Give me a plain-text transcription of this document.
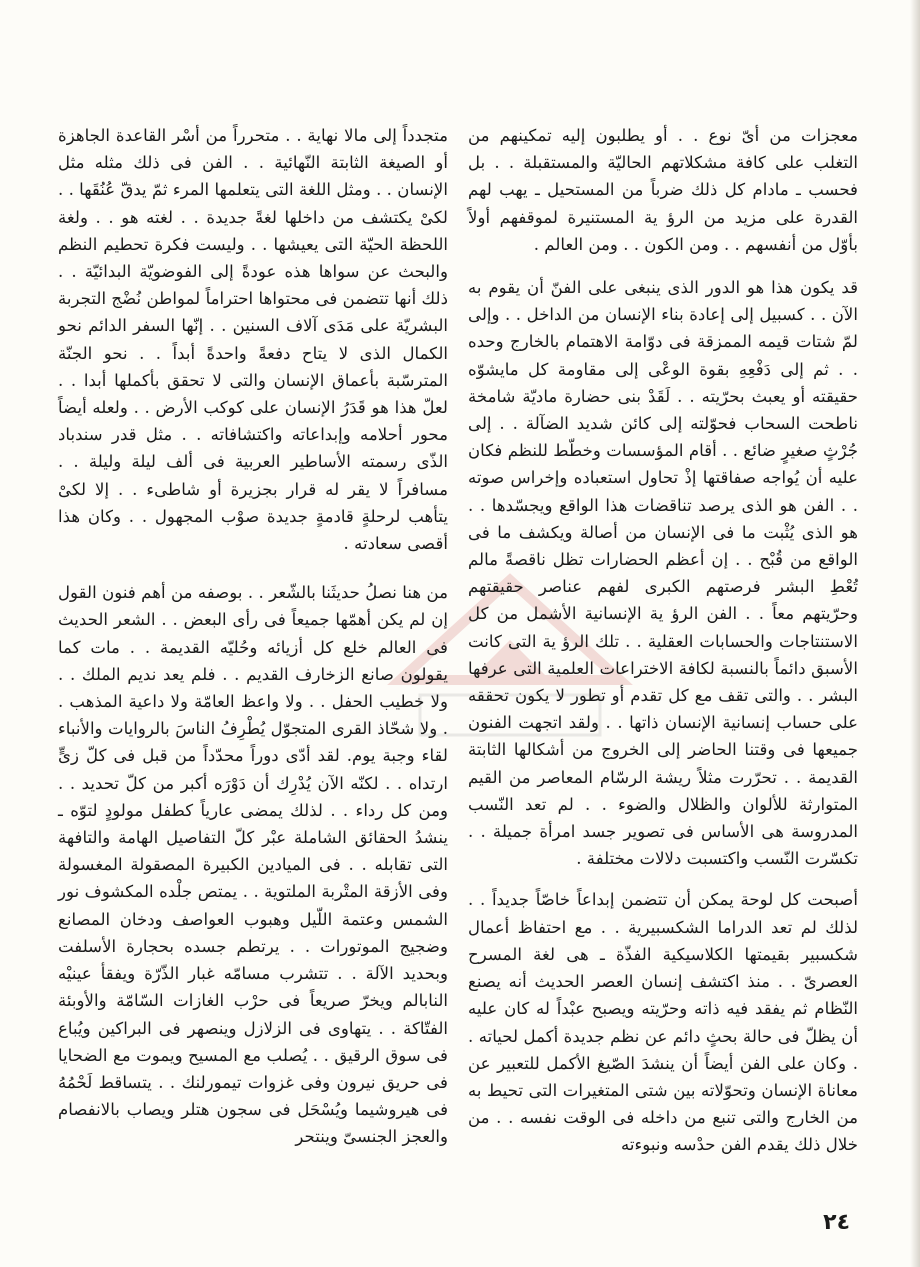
معجزات من أىّ نوع . . أو يطلبون إليه تمكينهم من التغلب على كافة مشكلاتهم الحاليّة والمستقبلة . . بل فحسب ـ مادام كل ذلك ضرباً من المستحيل ـ يهب لهم القدرة على مزيد من الرؤ ية المستنيرة لموقفهم أولاً بأوّل من أنفسهم . . ومن الكون . . ومن العالم .

قد يكون هذا هو الدور الذى ينبغى على الفنّ أن يقوم به الآن . . كسبيل إلى إعادة بناء الإنسان من الداخل . . وإلى لمّ شتات قيمه الممزقة فى دوّامة الاهتمام بالخارج وحده . . ثم إلى دَفْعِهِ بقوة الوعْى إلى مقاومة كل مايشوّه حقيقته أو يعبث بحرّيته . . لَقَدْ بنى حضارة ماديّة شامخة ناطحت السحاب فحوّلته إلى كائن شديد الضآلة . . إلى جُرْثٍ صغيرٍ ضائع . . أقام المؤسسات وخطّط للنظم فكان عليه أن يُواجه صفاقتها إذْ تحاول استعباده وإخراس صوته . . الفن هو الذى يرصد تناقضات هذا الواقع ويجسّدها . . هو الذى يُثْبت ما فى الإنسان من أصالة ويكشف ما فى الواقع من قُبْح . . إن أعظم الحضارات تظل ناقصةً مالم تُعْطِ البشر فرصتهم الكبرى لفهم عناصر حقيقتهم وحرّيتهم معاً . . الفن الرؤ ية الإنسانية الأشمل من كل الاستنتاجات والحسابات العقلية . . تلك الرؤ ية التى كانت الأسبق دائماً بالنسبة لكافة الاختراعات العلمية التى عرفها البشر . . والتى تقف مع كل تقدم أو تطور لا يكون تحققه على حساب إنسانية الإنسان ذاتها . . ولقد اتجهت الفنون جميعها فى وقتنا الحاضر إلى الخروج من أشكالها الثابتة القديمة . . تحرّرت مثلاً ريشة الرسّام المعاصر من القيم المتوارثة للألوان والظلال والضوء . . لم تعد النّسب المدروسة هى الأساس فى تصوير جسد امرأة جميلة . . تكسّرت النّسب واكتسبت دلالات مختلفة .

أصبحت كل لوحة يمكن أن تتضمن إبداعاً خاصّاً جديداً . . لذلك لم تعد الدراما الشكسبيرية . . مع احتفاظ أعمال شكسبير بقيمتها الكلاسيكية الفذّة ـ هى لغة المسرح العصرىّ . . منذ اكتشف إنسان العصر الحديث أنه يصنع النّظام ثم يفقد فيه ذاته وحرّيته ويصبح عبْداً له كان عليه أن يظلّ فى حالة بحثٍ دائم عن نظم جديدة أكمل لحياته . . وكان على الفن أيضاً أن ينشدَ الصّيغ الأكمل للتعبير عن معاناة الإنسان وتحوّلاته بين شتى المتغيرات التى تحيط به من الخارج والتى تنبع من داخله فى الوقت نفسه . . من خلال ذلك يقدم الفن حدْسه ونبوءته

متجدداً إلى مالا نهاية . . متحرراً من أسْر القاعدة الجاهزة أو الصيغة الثابتة النّهائية . . الفن فى ذلك مثله مثل الإنسان . . ومثل اللغة التى يتعلمها المرء ثمّ يدقّ عُنُقَها . . لكىْ يكتشف من داخلها لغةً جديدة . . لغته هو . . ولغة اللحظة الحيّة التى يعيشها . . وليست فكرة تحطيم النظم والبحث عن سواها هذه عودةً إلى الفوضويّة البدائيّة . . ذلك أنها تتضمن فى محتواها احتراماً لمواطن نُضْج التجربة البشريّة على مَدَى آلاف السنين . . إنّها السفر الدائم نحو الكمال الذى لا يتاح دفعةً واحدةً أبداً . . نحو الجنّة المترسّبة بأعماق الإنسان والتى لا تحقق بأكملها أبدا . . لعلّ هذا هو قَدَرُ الإنسان على كوكب الأرض . . ولعله أيضاً محور أحلامه وإبداعاته واكتشافاته . . مثل قدر سندباد الذّى رسمته الأساطير العربية فى ألف ليلة وليلة . . مسافراً لا يقر له قرار بجزيرة أو شاطىء . . إلا لكىْ يتأهب لرحلةٍ قادمةٍ جديدة صوْب المجهول . . وكان هذا أقصى سعادته .

من هنا نصلُ حديثَنا بالشّعر . . بوصفه من أهم فنون القول إن لم يكن أهمّها جميعاً فى رأى البعض . . الشعر الحديث فى العالم خلع كل أزيائه وحُليّه القديمة . . مات كما يقولون صانع الزخارف القديم . . فلم يعد نديم الملك . . ولا خطيب الحفل . . ولا واعظ العامّة ولا داعية المذهب . . ولا شحّاذ القرى المتجوّل يُطْرِفُ الناسَ بالروايات والأنباء لقاء وجبة يوم. لقد أدّى دوراً محدّداً من قبل فى كلّ زىٍّ ارتداه . . لكنّه الآن يُدْرِك أن دَوْرَه أكبر من كلّ تحديد . . ومن كل رداء . . لذلك يمضى عارياً كطفل مولودٍ لتوّه ـ ينشدُ الحقائق الشاملة عبْر كلّ التفاصيل الهامة والتافهة التى تقابله . . فى الميادين الكبيرة المصقولة المغسولة وفى الأزقة المتْربة الملتوية . . يمتص جلْده المكشوف نور الشمس وعتمة اللّيل وهبوب العواصف ودخان المصانع وضجيج الموتورات . . يرتطم جسده بحجارة الأسلفت وبحديد الآلة . . تتشرب مسامّه غبار الذّرّة ويفقأ عينيْه النابالم ويخرّ صريعاً فى حرْب الغازات السّامّة والأوبئة الفتّاكة . . يتهاوى فى الزلازل وينصهر فى البراكين ويُباع فى سوق الرقيق . . يُصلب مع المسيح ويموت مع الضحايا فى حريق نيرون وفى غزوات تيمورلنك . . يتساقط لَحْمُهُ فى هيروشيما ويُسْحَل فى سجون هتلر ويصاب بالانفصام والعجز الجنسىّ وينتحر

٢٤
